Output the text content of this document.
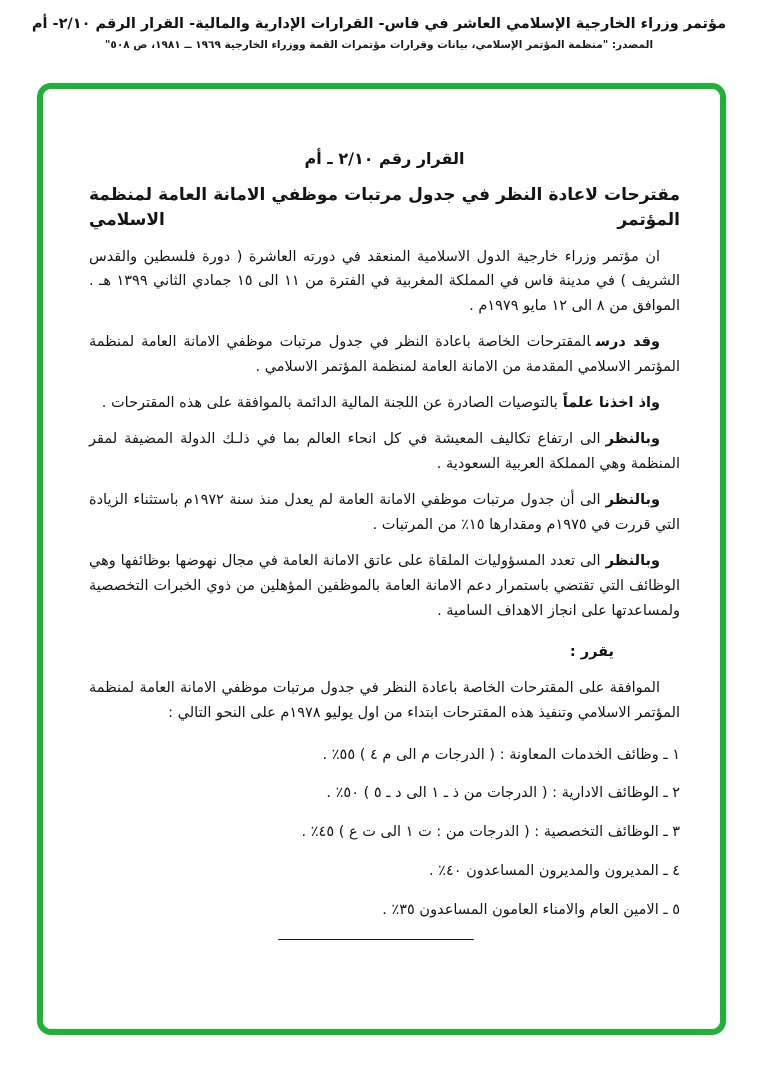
مؤتمر وزراء الخارجية الإسلامي العاشر في فاس- القرارات الإدارية والمالية- القرار الرقم ٢/١٠- أم
المصدر: "منظمة المؤتمر الإسلامي، بيانات وقرارات مؤتمرات القمة ووزراء الخارجية ١٩٦٩ ــ ١٩٨١، ص ٥٠٨"
القرار رقم ٢/١٠ ـ أم
مقترحات لاعادة النظر في جدول مرتبات موظفي الامانة العامة لمنظمة المؤتمر الاسلامي

ان مؤتمر وزراء خارجية الدول الاسلامية المنعقد في دورته العاشرة ( دورة فلسطين والقدس الشريف ) في مدينة فاس في المملكة المغربية في الفترة من ١١ الى ١٥ جمادي الثاني ١٣٩٩ هـ . الموافق من ٨ الى ١٢ مايو ١٩٧٩م .

وقد درسالمقترحات الخاصة باعادة النظر في جدول مرتبات موظفي الامانة العامة لمنظمة المؤتمر الاسلامي المقدمة من الامانة العامة لمنظمة المؤتمر الاسلامي .

واذ اخذنا علماًبالتوصيات الصادرة عن اللجنة المالية الدائمة بالموافقة على هذه المقترحات .

وبالنظرالى ارتفاع تكاليف المعيشة في كل انحاء العالم بما في ذلـك الدولة المضيفة لمقر المنظمة وهي المملكة العربية السعودية .

وبالنظرالى أن جدول مرتبات موظفي الامانة العامة لم يعدل منذ سنة ١٩٧٢م باستثناء الزيادة التي قررت في ١٩٧٥م ومقدارها ١٥٪ من المرتبات .

وبالنظرالى تعدد المسؤوليات الملقاة على عاتق الامانة العامة في مجال نهوضها بوظائفها وهي الوظائف التي تقتضي باستمرار دعم الامانة العامة بالموظفين المؤهلين من ذوي الخبرات التخصصية ولمساعدتها على انجاز الاهداف السامية .

يقرر :

الموافقة على المقترحات الخاصة باعادة النظر في جدول مرتبات موظفي الامانة العامة لمنظمة المؤتمر الاسلامي وتنفيذ هذه المقترحات ابتداء من اول يوليو ١٩٧٨م على النحو التالي :

١ ـ وظائف الخدمات المعاونة : ( الدرجات م الى م ٤ ) ٥٥٪ .
٢ ـ الوظائف الادارية : ( الدرجات من ذ ـ ١ الى د ـ ٥ ) ٥٠٪ .
٣ ـ الوظائف التخصصية : ( الدرجات من : ت ١ الى ت ع ) ٤٥٪ .
٤ ـ المديرون والمديرون المساعدون ٤٠٪ .
٥ ـ الامين العام والامناء العامون المساعدون ٣٥٪ .
